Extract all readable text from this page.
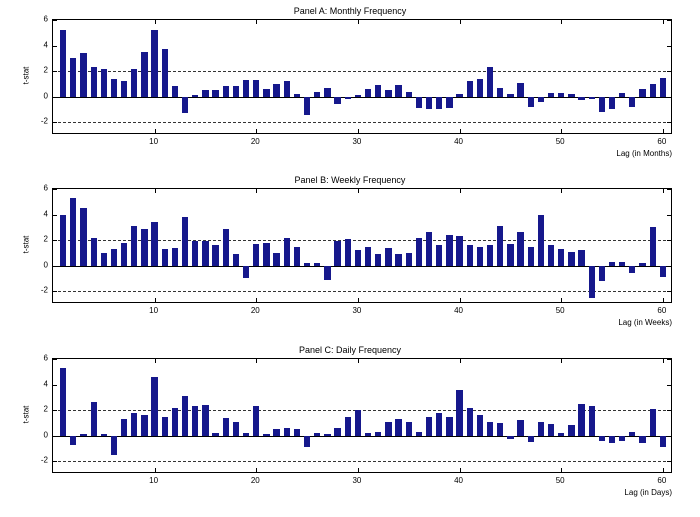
Panel A: Monthly Frequency
-2
0
2
4
6
10	20	30	40	50	60
t-stat
Lag (in Months)
Panel B: Weekly Frequency
-2
0
2
4
6
10	20	30	40	50	60
t-stat
Lag (in Weeks)
Panel C: Daily Frequency
-2
0
2
4
6
10	20	30	40	50	60
t-stat
Lag (in Days)
